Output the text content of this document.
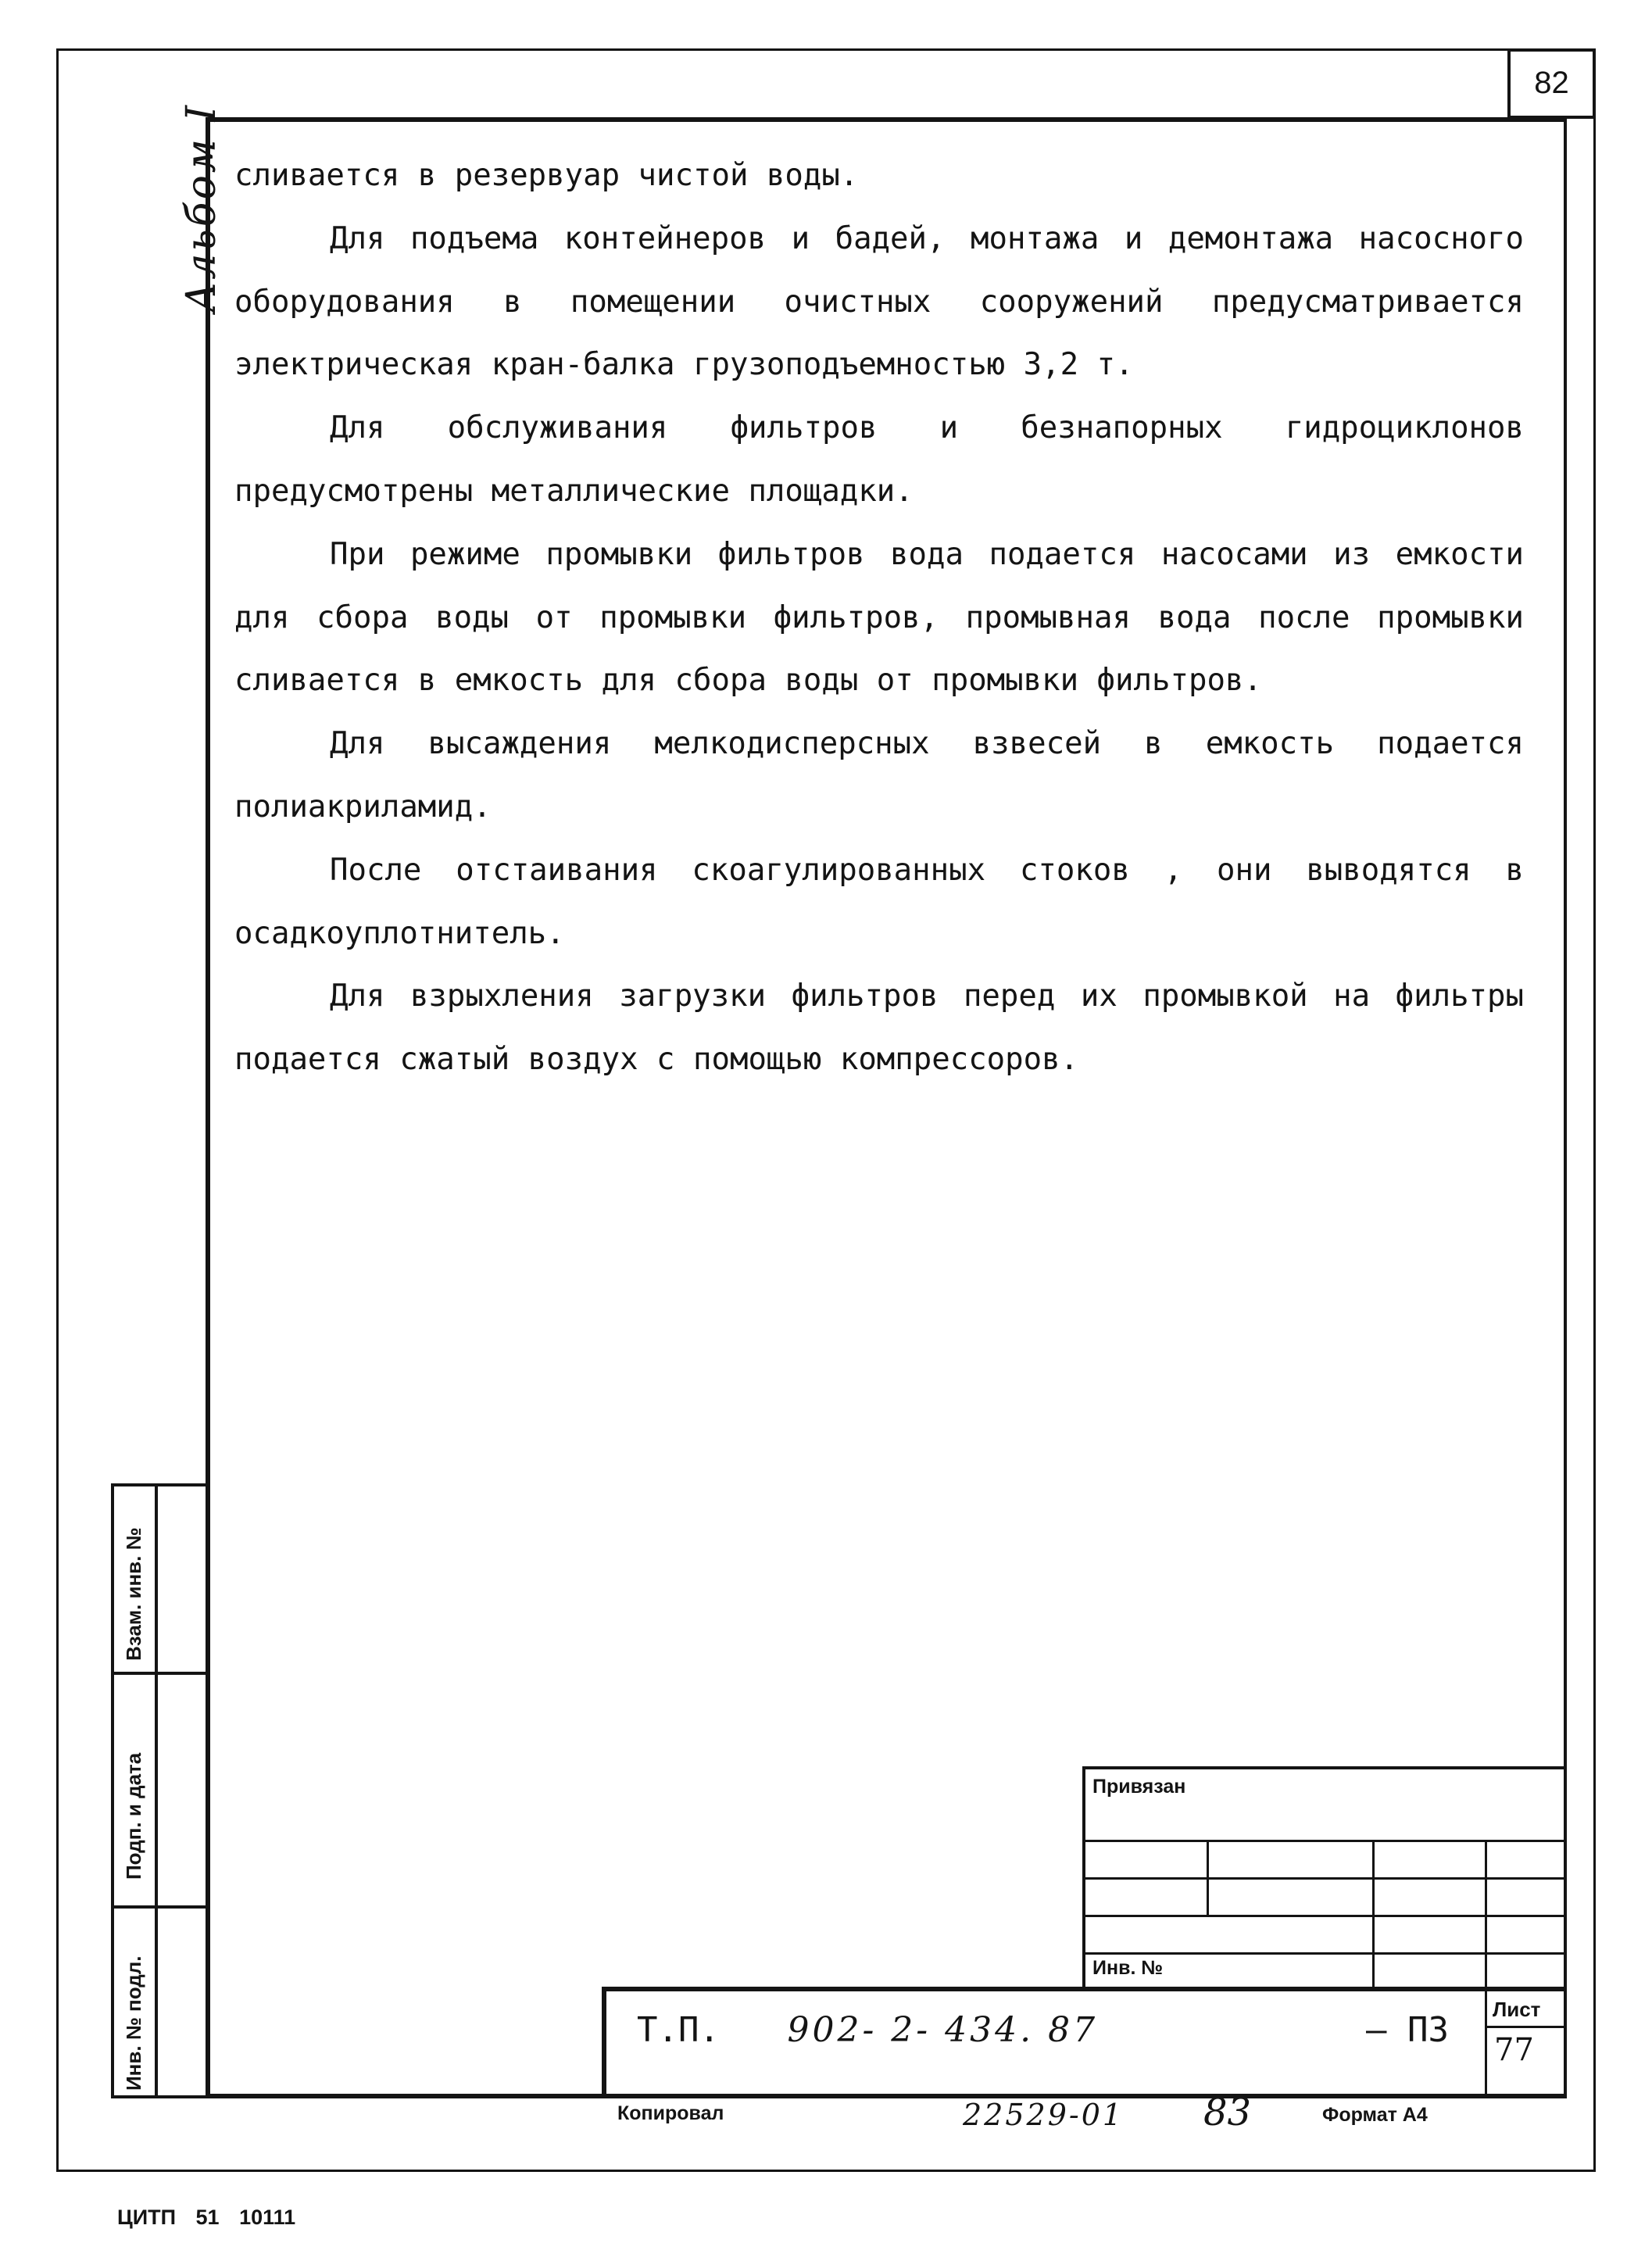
82
Альбом I сливается в резервуар чистой воды.

Для подъема контейнеров и бадей, монтажа и демонтажа насосного оборудования в помещении очистных сооружений предусматривается электрическая кран-балка грузоподъемностью 3,2 т.

Для обслуживания фильтров и безнапорных гидроциклонов предусмотрены металлические площадки.

При режиме промывки фильтров вода подается насосами из емкости для сбора воды от промывки фильтров, промывная вода после промывки сливается в емкость для сбора воды от промывки фильтров.

Для высаждения мелкодисперсных взвесей в емкость подается полиакриламид.

После отстаивания скоагулированных стоков , они выводятся в осадкоуплотнитель.

Для взрыхления загрузки фильтров перед их промывкой на фильтры подается сжатый воздух с помощью компрессоров.

Взам. инв. №
Подп. и дата
Инв. № подл.
Привязан
Инв. №
Т.П. 902- 2- 434. 87	– ПЗ
Лист
77
Копировал	22529-01 83	Формат А4
ЦИТП 51 10111
